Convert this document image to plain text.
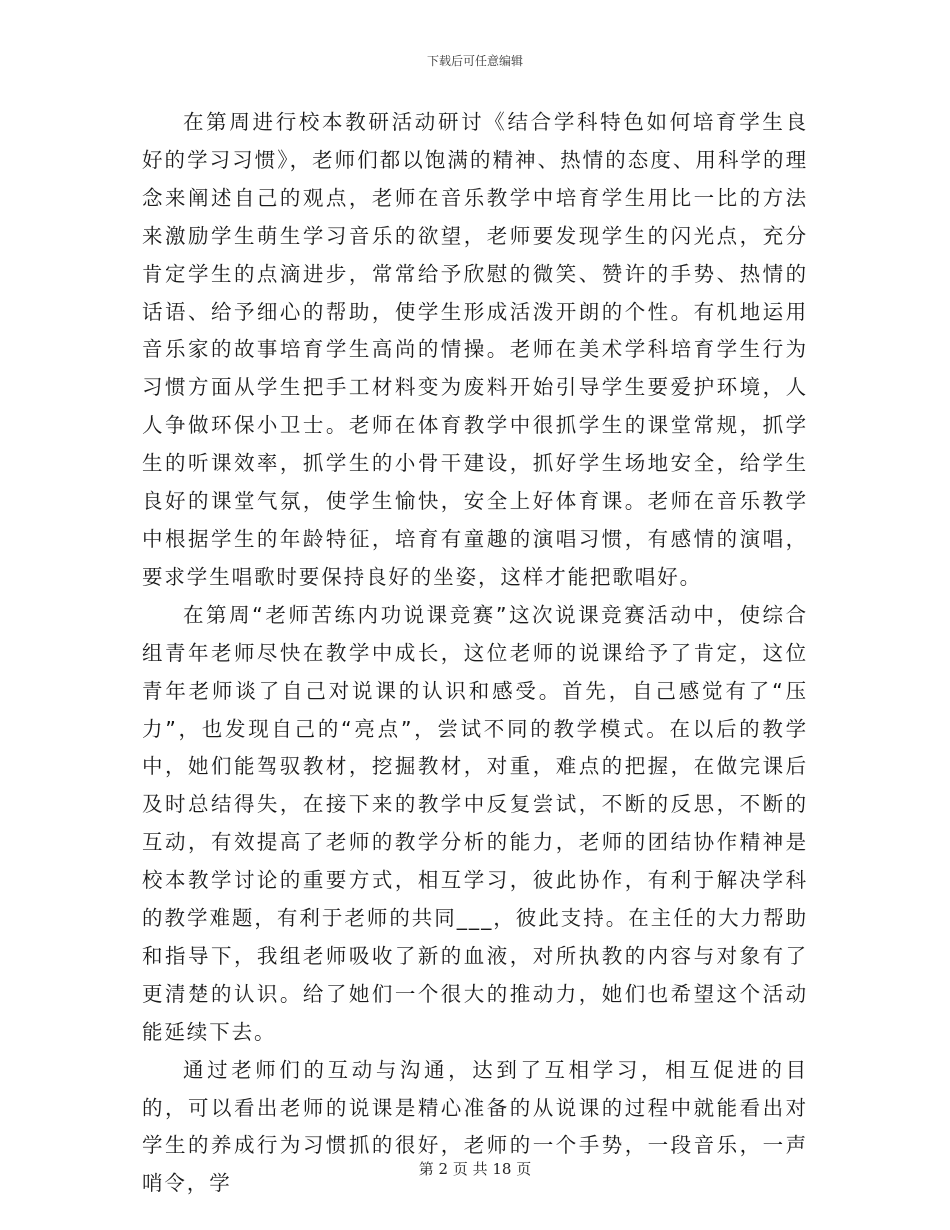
下载后可任意编辑

在第周进行校本教研活动研讨《结合学科特色如何培育学生良好的学习习惯》，老师们都以饱满的精神、热情的态度、用科学的理念来阐述自己的观点，老师在音乐教学中培育学生用比一比的方法来激励学生萌生学习音乐的欲望，老师要发现学生的闪光点，充分肯定学生的点滴进步，常常给予欣慰的微笑、赞许的手势、热情的话语、给予细心的帮助，使学生形成活泼开朗的个性。有机地运用音乐家的故事培育学生高尚的情操。老师在美术学科培育学生行为习惯方面从学生把手工材料变为废料开始引导学生要爱护环境，人人争做环保小卫士。老师在体育教学中很抓学生的课堂常规，抓学生的听课效率，抓学生的小骨干建设，抓好学生场地安全，给学生良好的课堂气氛，使学生愉快，安全上好体育课。老师在音乐教学中根据学生的年龄特征，培育有童趣的演唱习惯，有感情的演唱，要求学生唱歌时要保持良好的坐姿，这样才能把歌唱好。

在第周“老师苦练内功说课竞赛”这次说课竞赛活动中，使综合组青年老师尽快在教学中成长，这位老师的说课给予了肯定，这位青年老师谈了自己对说课的认识和感受。首先，自己感觉有了“压力”，也发现自己的“亮点”，尝试不同的教学模式。在以后的教学中，她们能驾驭教材，挖掘教材，对重，难点的把握，在做完课后及时总结得失，在接下来的教学中反复尝试，不断的反思，不断的互动，有效提高了老师的教学分析的能力，老师的团结协作精神是校本教学讨论的重要方式，相互学习，彼此协作，有利于解决学科的教学难题，有利于老师的共同___，彼此支持。在主任的大力帮助和指导下，我组老师吸收了新的血液，对所执教的内容与对象有了更清楚的认识。给了她们一个很大的推动力，她们也希望这个活动能延续下去。

通过老师们的互动与沟通，达到了互相学习，相互促进的目的，可以看出老师的说课是精心准备的从说课的过程中就能看出对学生的养成行为习惯抓的很好，老师的一个手势，一段音乐，一声哨令，学

第 2 页 共 18 页
